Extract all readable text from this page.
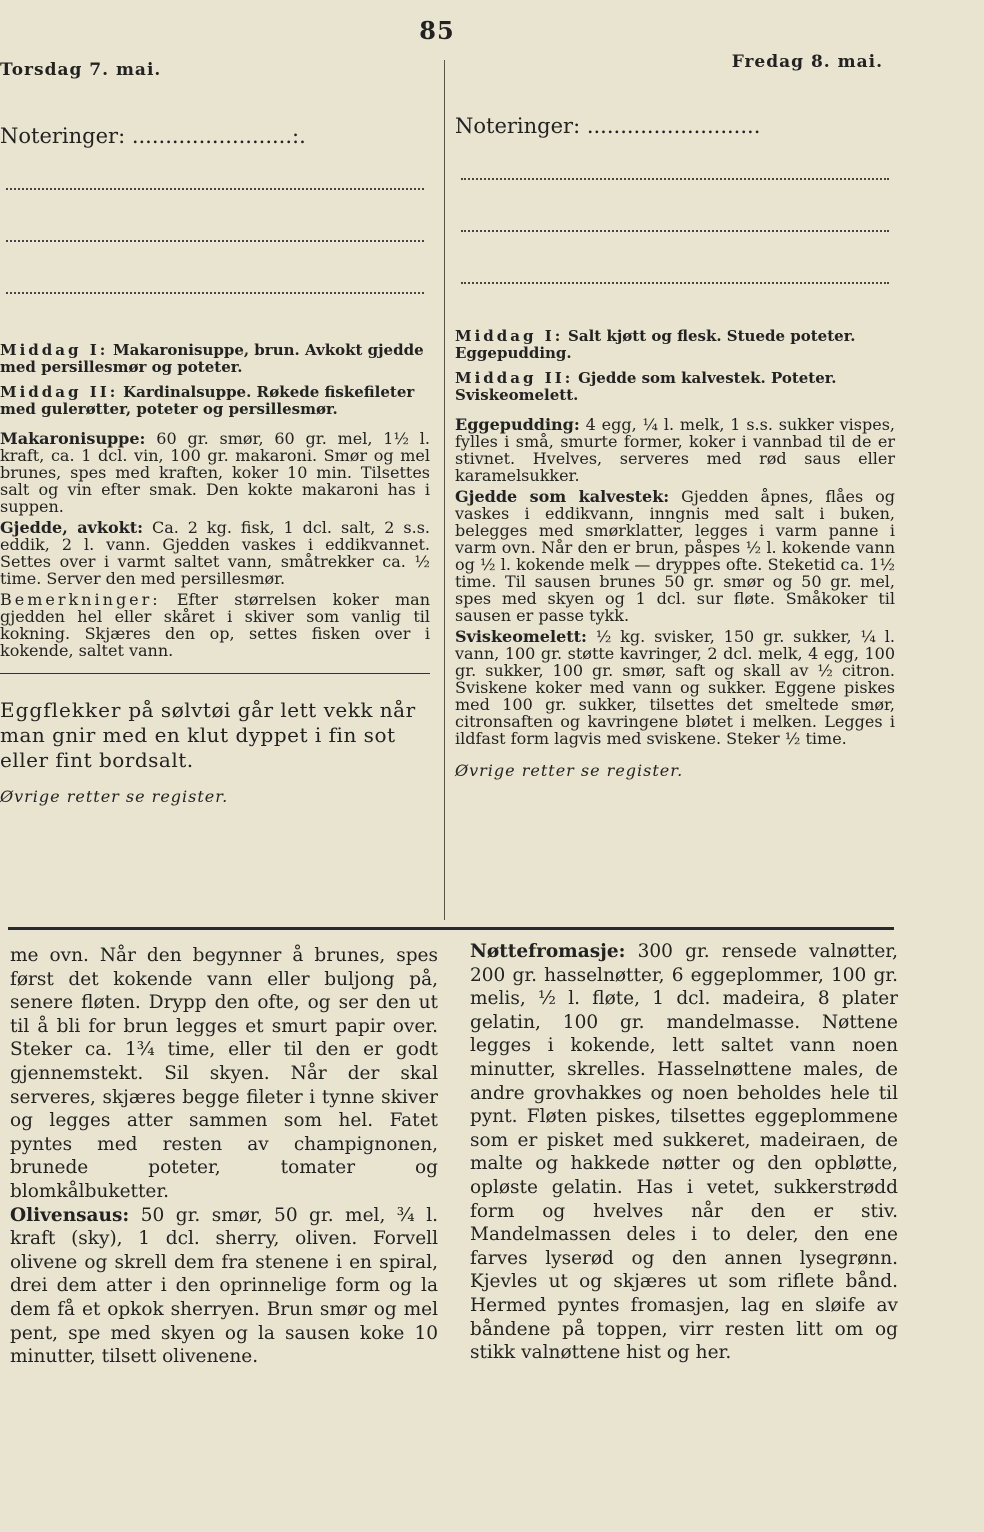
85
Torsdag 7. mai.
Noteringer: ........................:.
Middag I: Makaronisuppe, brun. Avkokt gjedde med persillesmør og poteter.
Middag II: Kardinalsuppe. Røkede fiskefileter med gulerøtter, poteter og persillesmør.
Makaronisuppe: 60 gr. smør, 60 gr. mel, 1½ l. kraft, ca. 1 dcl. vin, 100 gr. makaroni. Smør og mel brunes, spes med kraften, koker 10 min. Tilsettes salt og vin efter smak. Den kokte makaroni has i suppen.
Gjedde, avkokt: Ca. 2 kg. fisk, 1 dcl. salt, 2 s.s. eddik, 2 l. vann. Gjedden vaskes i eddikvannet. Settes over i varmt saltet vann, småtrekker ca. ½ time. Server den med persillesmør.
Bemerkninger: Efter størrelsen koker man gjedden hel eller skåret i skiver som vanlig til kokning. Skjæres den op, settes fisken over i kokende, saltet vann.
Eggflekker på sølvtøi går lett vekk når man gnir med en klut dyppet i fin sot eller fint bordsalt.
Øvrige retter se register.
Fredag 8. mai.
Noteringer: ..........................
Middag I: Salt kjøtt og flesk. Stuede poteter. Eggepudding.
Middag II: Gjedde som kalvestek. Poteter. Sviskeomelett.
Eggepudding: 4 egg, ¼ l. melk, 1 s.s. sukker vispes, fylles i små, smurte former, koker i vannbad til de er stivnet. Hvelves, serveres med rød saus eller karamelsukker.
Gjedde som kalvestek: Gjedden åpnes, flåes og vaskes i eddikvann, inngnis med salt i buken, belegges med smørklatter, legges i varm panne i varm ovn. Når den er brun, påspes ½ l. kokende vann og ½ l. kokende melk — dryppes ofte. Steketid ca. 1½ time. Til sausen brunes 50 gr. smør og 50 gr. mel, spes med skyen og 1 dcl. sur fløte. Småkoker til sausen er passe tykk.
Sviskeomelett: ½ kg. svisker, 150 gr. sukker, ¼ l. vann, 100 gr. støtte kavringer, 2 dcl. melk, 4 egg, 100 gr. sukker, 100 gr. smør, saft og skall av ½ citron. Sviskene koker med vann og sukker. Eggene piskes med 100 gr. sukker, tilsettes det smeltede smør, citronsaften og kavringene bløtet i melken. Legges i ildfast form lagvis med sviskene. Steker ½ time.
Øvrige retter se register.
me ovn. Når den begynner å brunes, spes først det kokende vann eller buljong på, senere fløten. Drypp den ofte, og ser den ut til å bli for brun legges et smurt papir over. Steker ca. 1¾ time, eller til den er godt gjennemstekt. Sil skyen. Når der skal serveres, skjæres begge fileter i tynne skiver og legges atter sammen som hel. Fatet pyntes med resten av champignonen, brunede poteter, tomater og blomkålbuketter.
Olivensaus: 50 gr. smør, 50 gr. mel, ¾ l. kraft (sky), 1 dcl. sherry, oliven. Forvell olivene og skrell dem fra stenene i en spiral, drei dem atter i den oprinnelige form og la dem få et opkok sherryen. Brun smør og mel pent, spe med skyen og la sausen koke 10 minutter, tilsett olivenene.
Nøttefromasje: 300 gr. rensede valnøtter, 200 gr. hasselnøtter, 6 eggeplommer, 100 gr. melis, ½ l. fløte, 1 dcl. madeira, 8 plater gelatin, 100 gr. mandelmasse. Nøttene legges i kokende, lett saltet vann noen minutter, skrelles. Hasselnøttene males, de andre grovhakkes og noen beholdes hele til pynt. Fløten piskes, tilsettes eggeplommene som er pisket med sukkeret, madeiraen, de malte og hakkede nøtter og den opbløtte, opløste gelatin. Has i vetet, sukkerstrødd form og hvelves når den er stiv. Mandelmassen deles i to deler, den ene farves lyserød og den annen lysegrønn. Kjevles ut og skjæres ut som riflete bånd. Hermed pyntes fromasjen, lag en sløife av båndene på toppen, virr resten litt om og stikk valnøttene hist og her.
